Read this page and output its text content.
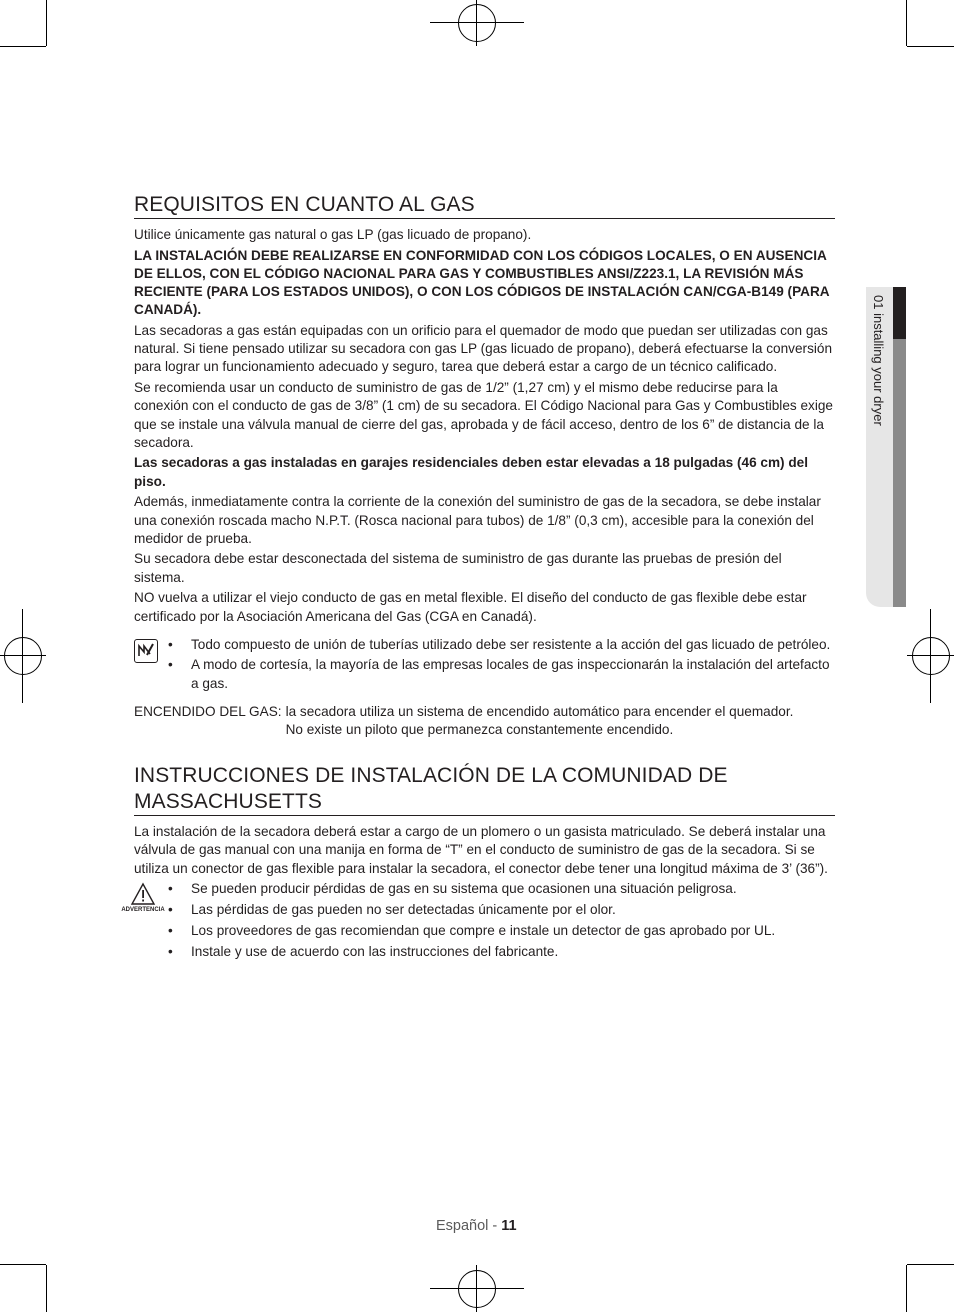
01 installing your dryer
REQUISITOS EN CUANTO AL GAS

Utilice únicamente gas natural o gas LP (gas licuado de propano).

LA INSTALACIÓN DEBE REALIZARSE EN CONFORMIDAD CON LOS CÓDIGOS LOCALES, O EN AUSENCIA DE ELLOS, CON EL CÓDIGO NACIONAL PARA GAS Y COMBUSTIBLES ANSI/Z223.1, LA REVISIÓN MÁS RECIENTE (PARA LOS ESTADOS UNIDOS), O CON LOS CÓDIGOS DE INSTALACIÓN CAN/CGA-B149 (PARA CANADÁ).

Las secadoras a gas están equipadas con un orificio para el quemador de modo que puedan ser utilizadas con gas natural. Si tiene pensado utilizar su secadora con gas LP (gas licuado de propano), deberá efectuarse la conversión para lograr un funcionamiento adecuado y seguro, tarea que deberá estar a cargo de un técnico calificado.

Se recomienda usar un conducto de suministro de gas de 1/2” (1,27 cm) y el mismo debe reducirse para la conexión con el conducto de gas de 3/8” (1 cm) de su secadora. El Código Nacional para Gas y Combustibles exige que se instale una válvula manual de cierre del gas, aprobada y de fácil acceso, dentro de los 6” de distancia de la secadora.

Las secadoras a gas instaladas en garajes residenciales deben estar elevadas a 18 pulgadas (46 cm) del piso.

Además, inmediatamente contra la corriente de la conexión del suministro de gas de la secadora, se debe instalar una conexión roscada macho N.P.T. (Rosca nacional para tubos) de 1/8” (0,3 cm), accesible para la conexión del medidor de prueba.

Su secadora debe estar desconectada del sistema de suministro de gas durante las pruebas de presión del sistema.

NO vuelva a utilizar el viejo conducto de gas en metal flexible. El diseño del conducto de gas flexible debe estar certificado por la Asociación Americana del Gas (CGA en Canadá).

• Todo compuesto de unión de tuberías utilizado debe ser resistente a la acción del gas licuado de petróleo.
• A modo de cortesía, la mayoría de las empresas locales de gas inspeccionarán la instalación del artefacto a gas.
ENCENDIDO DEL GAS: la secadora utiliza un sistema de encendido automático para encender el quemador.
No existe un piloto que permanezca constantemente encendido.
INSTRUCCIONES DE INSTALACIÓN DE LA COMUNIDAD DE MASSACHUSETTS

La instalación de la secadora deberá estar a cargo de un plomero o un gasista matriculado. Se deberá instalar una válvula de gas manual con una manija en forma de “T” en el conducto de suministro de gas de la secadora. Si se utiliza un conector de gas flexible para instalar la secadora, el conector debe tener una longitud máxima de 3’ (36”).

ADVERTENCIA
• Se pueden producir pérdidas de gas en su sistema que ocasionen una situación peligrosa.
• Las pérdidas de gas pueden no ser detectadas únicamente por el olor.
• Los proveedores de gas recomiendan que compre e instale un detector de gas aprobado por UL.
• Instale y use de acuerdo con las instrucciones del fabricante.
Español - 11
